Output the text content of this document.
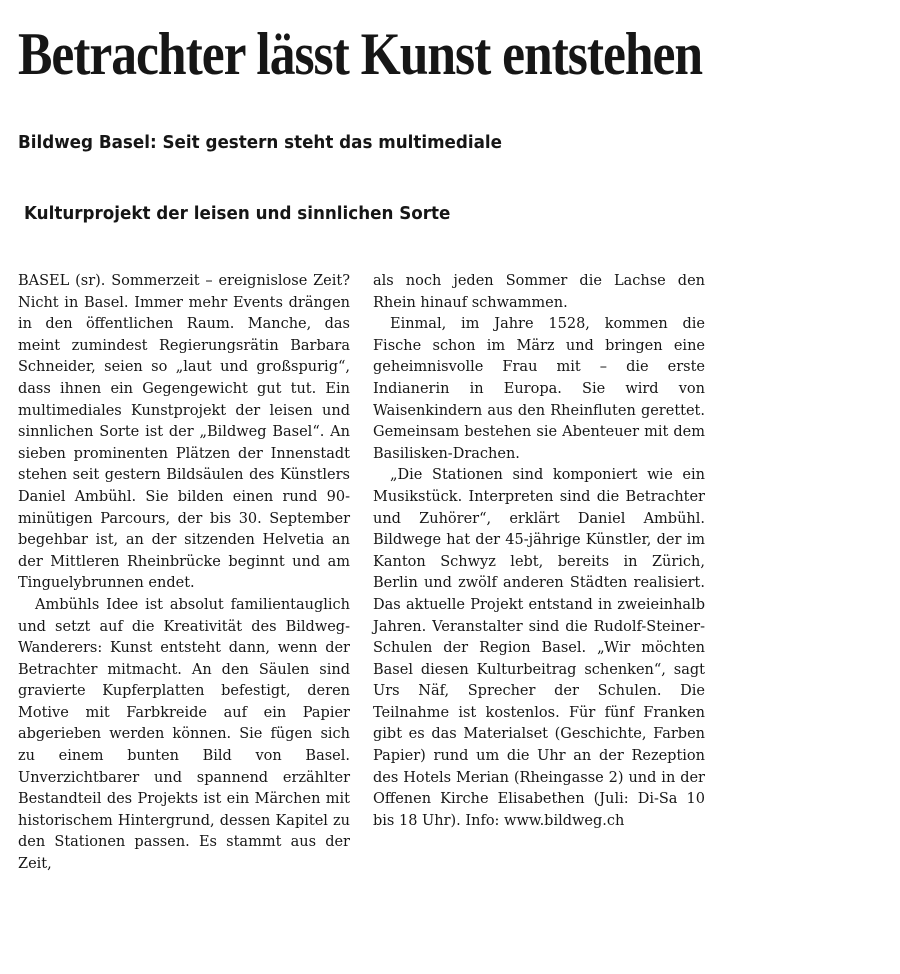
Betrachter lässt Kunst entstehen
Bildweg Basel: Seit gestern steht das multimediale
Kulturprojekt der leisen und sinnlichen Sorte

BASEL (sr). Sommerzeit – ereignislose Zeit? Nicht in Basel. Immer mehr Events drängen in den öffentlichen Raum. Manche, das meint zumindest Regierungsrätin Barbara Schneider, seien so „laut und großspurig“, dass ihnen ein Gegengewicht gut tut. Ein multimediales Kunstprojekt der leisen und sinnlichen Sorte ist der „Bildweg Basel“. An sieben prominenten Plätzen der Innenstadt stehen seit gestern Bildsäulen des Künstlers Daniel Ambühl. Sie bilden einen rund 90-minütigen Parcours, der bis 30. September begehbar ist, an der sitzenden Helvetia an der Mittleren Rheinbrücke beginnt und am Tinguelybrunnen endet.

Ambühls Idee ist absolut familientauglich und setzt auf die Kreativität des Bildweg-Wanderers: Kunst entsteht dann, wenn der Betrachter mitmacht. An den Säulen sind gravierte Kupferplatten befestigt, deren Motive mit Farbkreide auf ein Papier abgerieben werden können. Sie fügen sich zu einem bunten Bild von Basel. Unverzichtbarer und spannend erzählter Bestandteil des Projekts ist ein Märchen mit historischem Hintergrund, dessen Kapitel zu den Stationen passen. Es stammt aus der Zeit,

als noch jeden Sommer die Lachse den Rhein hinauf schwammen.

Einmal, im Jahre 1528, kommen die Fische schon im März und bringen eine geheimnisvolle Frau mit – die erste Indianerin in Europa. Sie wird von Waisenkindern aus den Rheinfluten gerettet. Gemeinsam bestehen sie Abenteuer mit dem Basilisken-Drachen.

„Die Stationen sind komponiert wie ein Musikstück. Interpreten sind die Betrachter und Zuhörer“, erklärt Daniel Ambühl. Bildwege hat der 45-jährige Künstler, der im Kanton Schwyz lebt, bereits in Zürich, Berlin und zwölf anderen Städten realisiert. Das aktuelle Projekt entstand in zweieinhalb Jahren. Veranstalter sind die Rudolf-Steiner-Schulen der Region Basel. „Wir möchten Basel diesen Kulturbeitrag schenken“, sagt Urs Näf, Sprecher der Schulen. Die Teilnahme ist kostenlos. Für fünf Franken gibt es das Materialset (Geschichte, Farben Papier) rund um die Uhr an der Rezeption des Hotels Merian (Rheingasse 2) und in der Offenen Kirche Elisabethen (Juli: Di-Sa 10 bis 18 Uhr). Info: www.bildweg.ch
